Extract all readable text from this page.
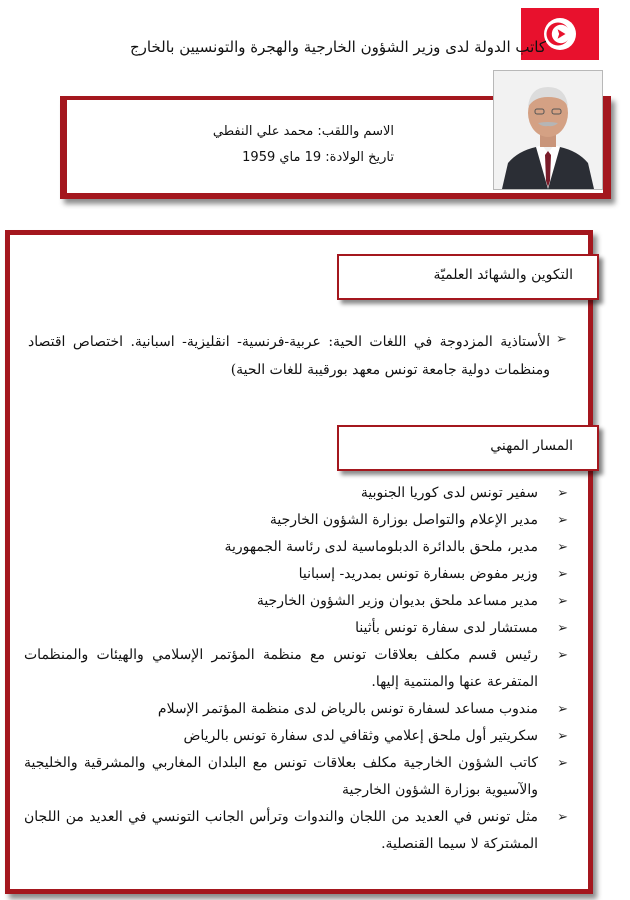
كاتب الدولة لدى وزير الشؤون الخارجية والهجرة والتونسيين بالخارج
الاسم واللقب: محمد علي النفطي
تاريخ الولادة: 19 ماي 1959
التكوين والشهائد العلميّة
➢

الأستاذية المزدوجة في اللغات الحية: عربية-فرنسية- انقليزية- اسبانية. اختصاص اقتصاد ومنظمات دولية جامعة تونس معهد بورقيبة للغات الحية)

المسار المهني
➢
سفير تونس لدى كوريا الجنوبية
➢
مدير الإعلام والتواصل بوزارة الشؤون الخارجية
➢
مدير، ملحق بالدائرة الدبلوماسية لدى رئاسة الجمهورية
➢
وزير مفوض بسفارة تونس بمدريد- إسبانيا
➢
مدير مساعد ملحق بديوان وزير الشؤون الخارجية
➢
مستشار لدى سفارة تونس بأثينا
➢
رئيس قسم مكلف بعلاقات تونس مع منظمة المؤتمر الإسلامي والهيئات والمنظمات المتفرعة عنها والمنتمية إليها.
➢
مندوب مساعد لسفارة تونس بالرياض لدى منظمة المؤتمر الإسلام
➢
سكريتير أول ملحق إعلامي وثقافي لدى سفارة تونس بالرياض
➢
كاتب الشؤون الخارجية مكلف بعلاقات تونس مع البلدان المغاربي والمشرقية والخليجية والآسيوية بوزارة الشؤون الخارجية
➢
مثل تونس في العديد من اللجان والندوات وترأس الجانب التونسي في العديد من اللجان المشتركة لا سيما القنصلية.
